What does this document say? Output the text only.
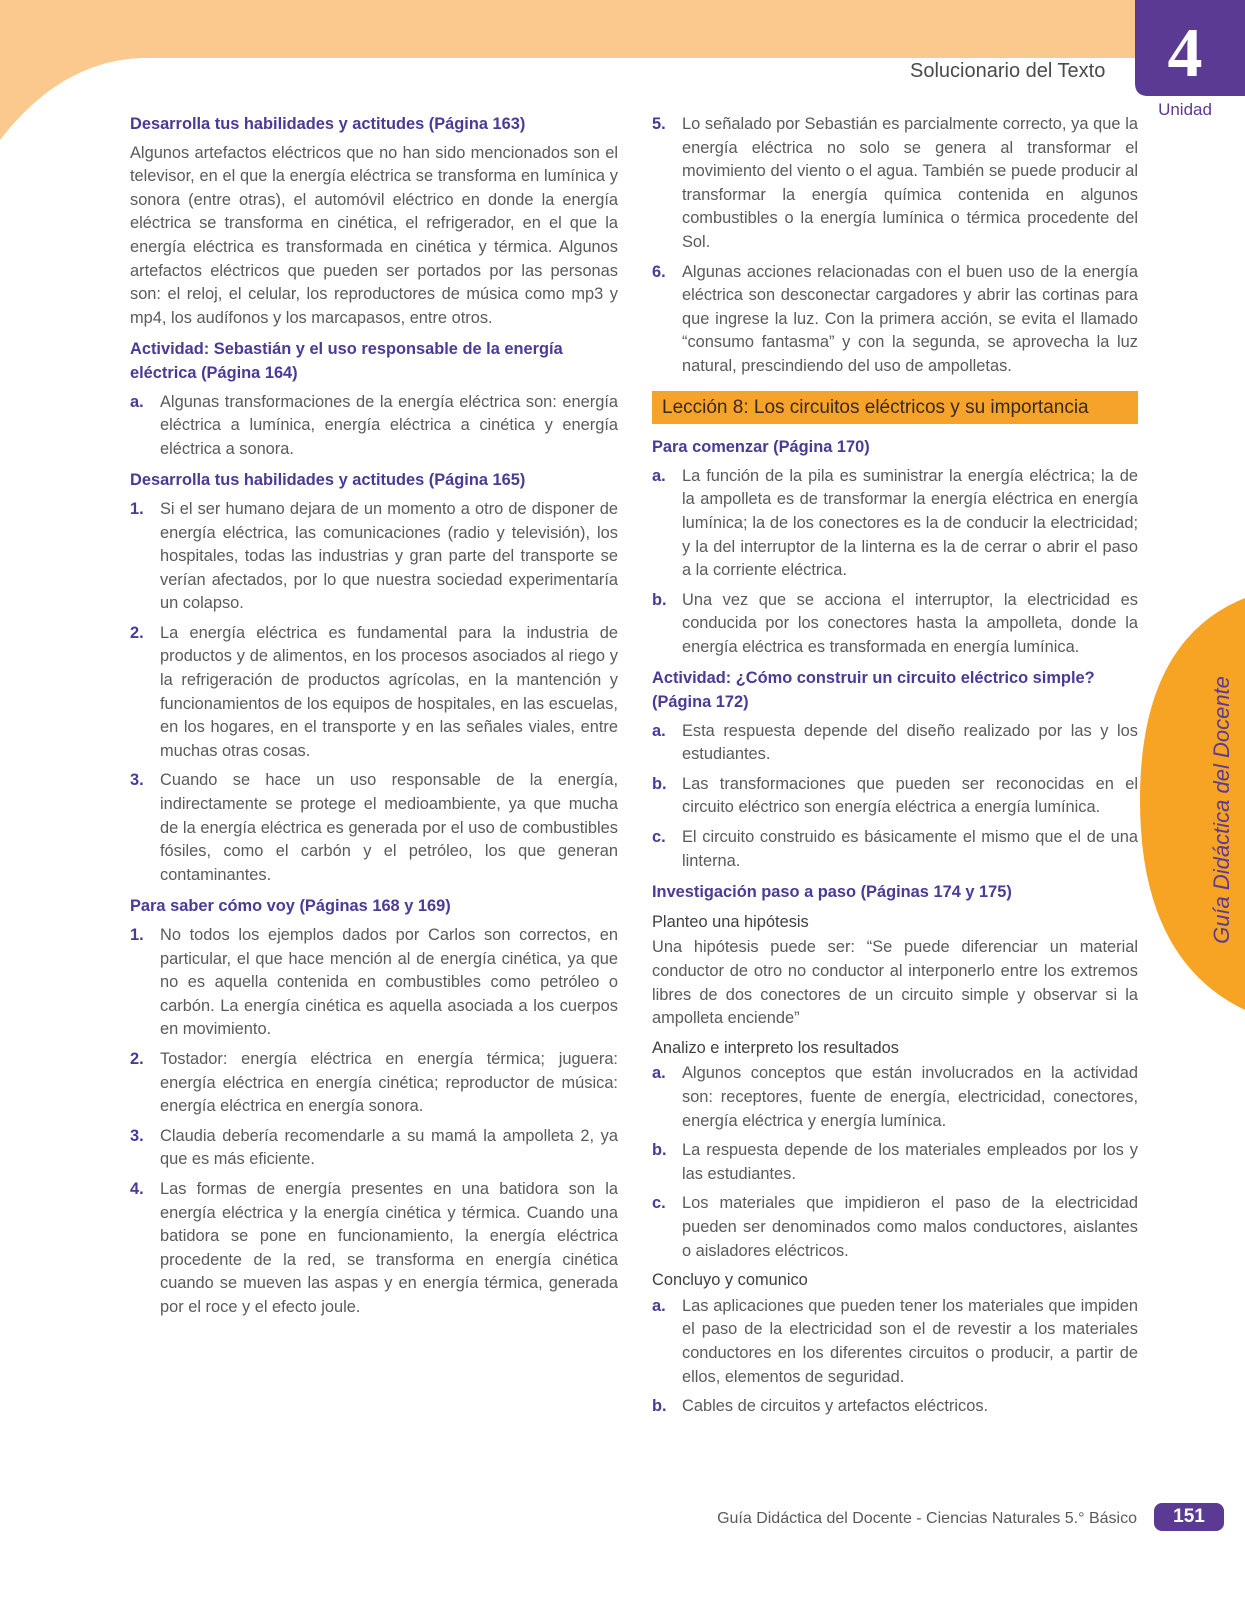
Solucionario del Texto 4
Unidad
Guía Didáctica del Docente
Desarrolla tus habilidades y actitudes (Página 163)
Algunos artefactos eléctricos que no han sido mencionados son el televisor, en el que la energía eléctrica se transforma en lumínica y sonora (entre otras), el automóvil eléctrico en donde la energía eléctrica se transforma en cinética, el refrigerador, en el que la energía eléctrica es transformada en cinética y térmica. Algunos artefactos eléctricos que pueden ser portados por las personas son: el reloj, el celular, los reproductores de música como mp3 y mp4, los audífonos y los marcapasos, entre otros.
Actividad: Sebastián y el uso responsable de la energía eléctrica (Página 164)
a. Algunas transformaciones de la energía eléctrica son: energía eléctrica a lumínica, energía eléctrica a cinética y energía eléctrica a sonora.
Desarrolla tus habilidades y actitudes (Página 165)
1. Si el ser humano dejara de un momento a otro de disponer de energía eléctrica, las comunicaciones (radio y televisión), los hospitales, todas las industrias y gran parte del transporte se verían afectados, por lo que nuestra sociedad experimentaría un colapso.
2. La energía eléctrica es fundamental para la industria de productos y de alimentos, en los procesos asociados al riego y la refrigeración de productos agrícolas, en la mantención y funcionamientos de los equipos de hospitales, en las escuelas, en los hogares, en el transporte y en las señales viales, entre muchas otras cosas.
3. Cuando se hace un uso responsable de la energía, indirectamente se protege el medioambiente, ya que mucha de la energía eléctrica es generada por el uso de combustibles fósiles, como el carbón y el petróleo, los que generan contaminantes.
Para saber cómo voy (Páginas 168 y 169)
1. No todos los ejemplos dados por Carlos son correctos, en particular, el que hace mención al de energía cinética, ya que no es aquella contenida en combustibles como petróleo o carbón. La energía cinética es aquella asociada a los cuerpos en movimiento.
2. Tostador: energía eléctrica en energía térmica; juguera: energía eléctrica en energía cinética; reproductor de música: energía eléctrica en energía sonora.
3. Claudia debería recomendarle a su mamá la ampolleta 2, ya que es más eficiente.
4. Las formas de energía presentes en una batidora son la energía eléctrica y la energía cinética y térmica. Cuando una batidora se pone en funcionamiento, la energía eléctrica procedente de la red, se transforma en energía cinética cuando se mueven las aspas y en energía térmica, generada por el roce y el efecto joule.
5. Lo señalado por Sebastián es parcialmente correcto, ya que la energía eléctrica no solo se genera al transformar el movimiento del viento o el agua. También se puede producir al transformar la energía química contenida en algunos combustibles o la energía lumínica o térmica procedente del Sol.
6. Algunas acciones relacionadas con el buen uso de la energía eléctrica son desconectar cargadores y abrir las cortinas para que ingrese la luz. Con la primera acción, se evita el llamado “consumo fantasma” y con la segunda, se aprovecha la luz natural, prescindiendo del uso de ampolletas.
Lección 8: Los circuitos eléctricos y su importancia
Para comenzar (Página 170)
a. La función de la pila es suministrar la energía eléctrica; la de la ampolleta es de transformar la energía eléctrica en energía lumínica; la de los conectores es la de conducir la electricidad; y la del interruptor de la linterna es la de cerrar o abrir el paso a la corriente eléctrica.
b. Una vez que se acciona el interruptor, la electricidad es conducida por los conectores hasta la ampolleta, donde la energía eléctrica es transformada en energía lumínica.
Actividad: ¿Cómo construir un circuito eléctrico simple? (Página 172)
a. Esta respuesta depende del diseño realizado por las y los estudiantes.
b. Las transformaciones que pueden ser reconocidas en el circuito eléctrico son energía eléctrica a energía lumínica.
c. El circuito construido es básicamente el mismo que el de una linterna.
Investigación paso a paso (Páginas 174 y 175)
Planteo una hipótesis
Una hipótesis puede ser: “Se puede diferenciar un material conductor de otro no conductor al interponerlo entre los extremos libres de dos conectores de un circuito simple y observar si la ampolleta enciende”
Analizo e interpreto los resultados
a. Algunos conceptos que están involucrados en la actividad son: receptores, fuente de energía, electricidad, conectores, energía eléctrica y energía lumínica.
b. La respuesta depende de los materiales empleados por los y las estudiantes.
c. Los materiales que impidieron el paso de la electricidad pueden ser denominados como malos conductores, aislantes o aisladores eléctricos.
Concluyo y comunico
a. Las aplicaciones que pueden tener los materiales que impiden el paso de la electricidad son el de revestir a los materiales conductores en los diferentes circuitos o producir, a partir de ellos, elementos de seguridad.
b. Cables de circuitos y artefactos eléctricos.
Guía Didáctica del Docente - Ciencias Naturales 5.° Básico	151
